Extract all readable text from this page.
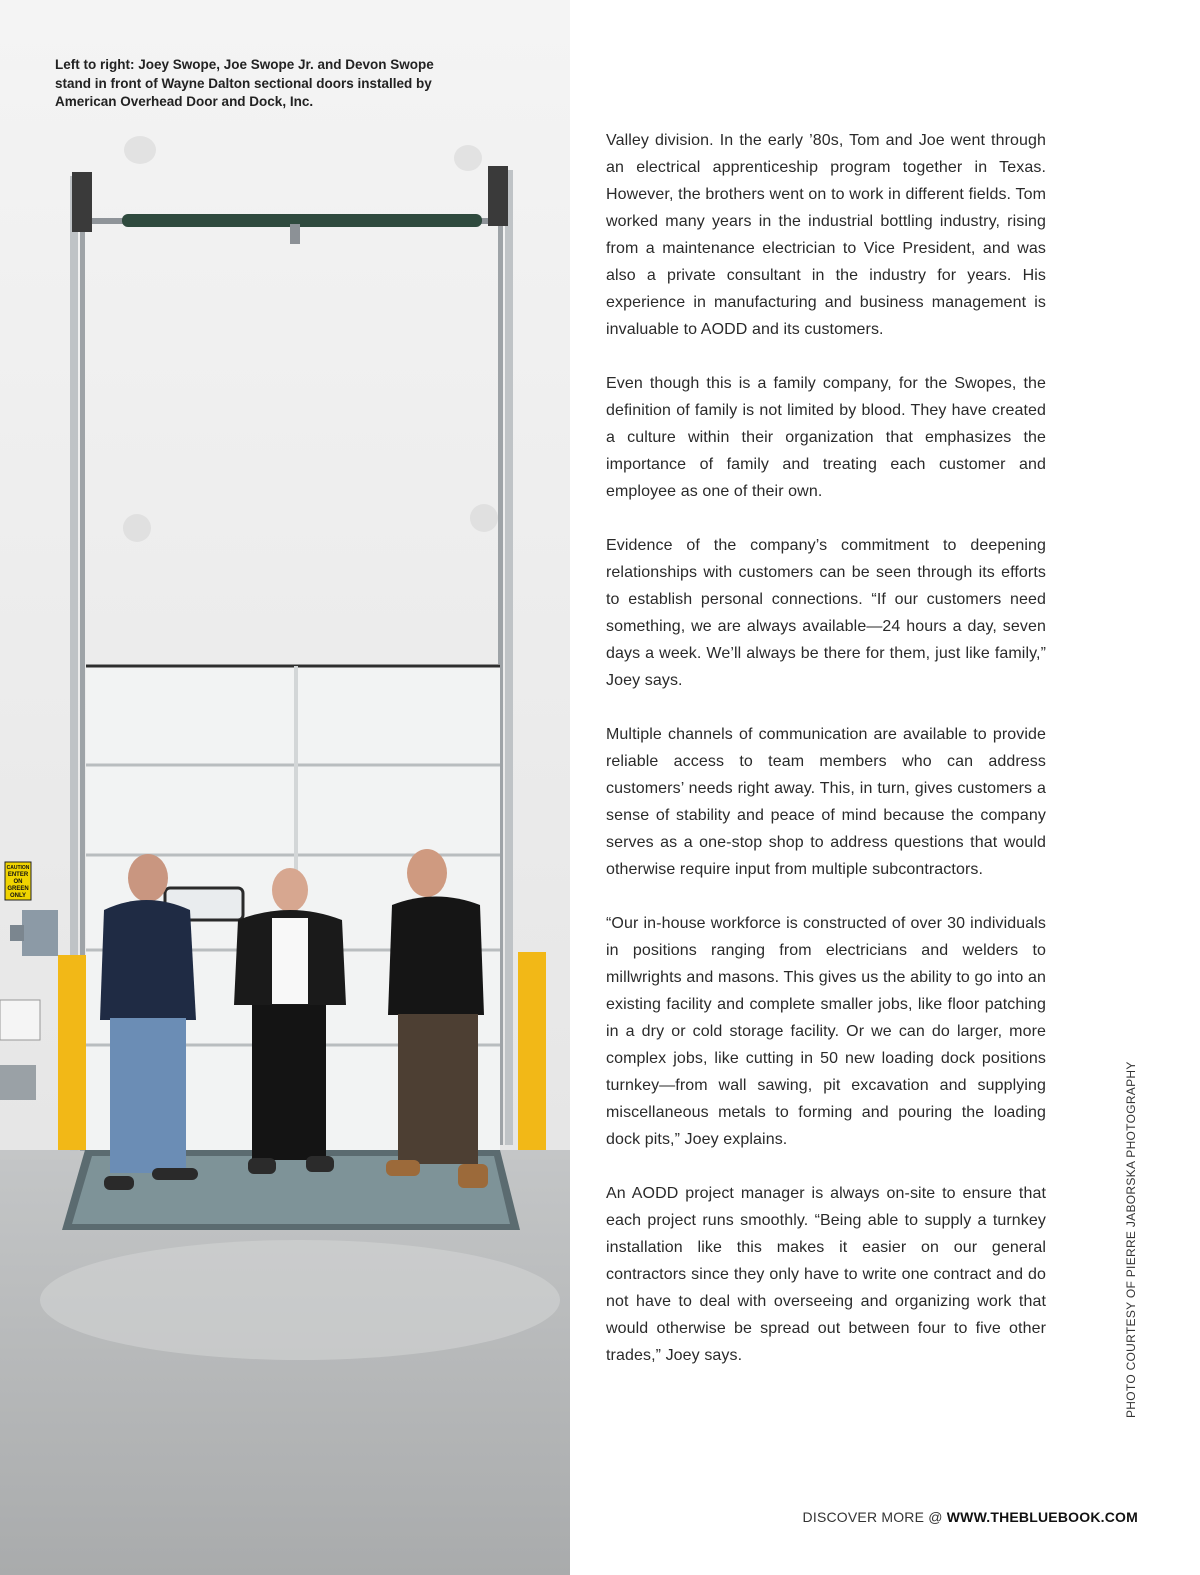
CAUTION
ENTER
ON
GREEN
ONLY

Left to right: Joey Swope, Joe Swope Jr. and Devon Swope stand in front of Wayne Dalton sectional doors installed by American Overhead Door and Dock, Inc.

Valley division. In the early ’80s, Tom and Joe went through an electrical apprenticeship program together in Texas. However, the brothers went on to work in different fields. Tom worked many years in the industrial bottling industry, rising from a maintenance electrician to Vice President, and was also a private consultant in the industry for years. His experience in manufacturing and business management is invaluable to AODD and its customers.

Even though this is a family company, for the Swopes, the definition of family is not limited by blood. They have created a culture within their organization that emphasizes the importance of family and treating each customer and employee as one of their own.

Evidence of the company’s commitment to deepening relationships with customers can be seen through its efforts to establish personal connections. “If our customers need something, we are always available—24 hours a day, seven days a week. We’ll always be there for them, just like family,” Joey says.

Multiple channels of communication are available to provide reliable access to team members who can address customers’ needs right away. This, in turn, gives customers a sense of stability and peace of mind because the company serves as a one-stop shop to address questions that would otherwise require input from multiple subcontractors.

“Our in-house workforce is constructed of over 30 individuals in positions ranging from electricians and welders to millwrights and masons. This gives us the ability to go into an existing facility and complete smaller jobs, like floor patching in a dry or cold storage facility. Or we can do larger, more complex jobs, like cutting in 50 new loading dock positions turnkey—from wall sawing, pit excavation and supplying miscellaneous metals to forming and pouring the loading dock pits,” Joey explains.

An AODD project manager is always on-site to ensure that each project runs smoothly. “Being able to supply a turnkey installation like this makes it easier on our general contractors since they only have to write one contract and do not have to deal with overseeing and organizing work that would otherwise be spread out between four to five other trades,” Joey says.	PHOTO COURTESY OF PIERRE JABORSKA PHOTOGRAPHY
DISCOVER MORE @ WWW.THEBLUEBOOK.COM
